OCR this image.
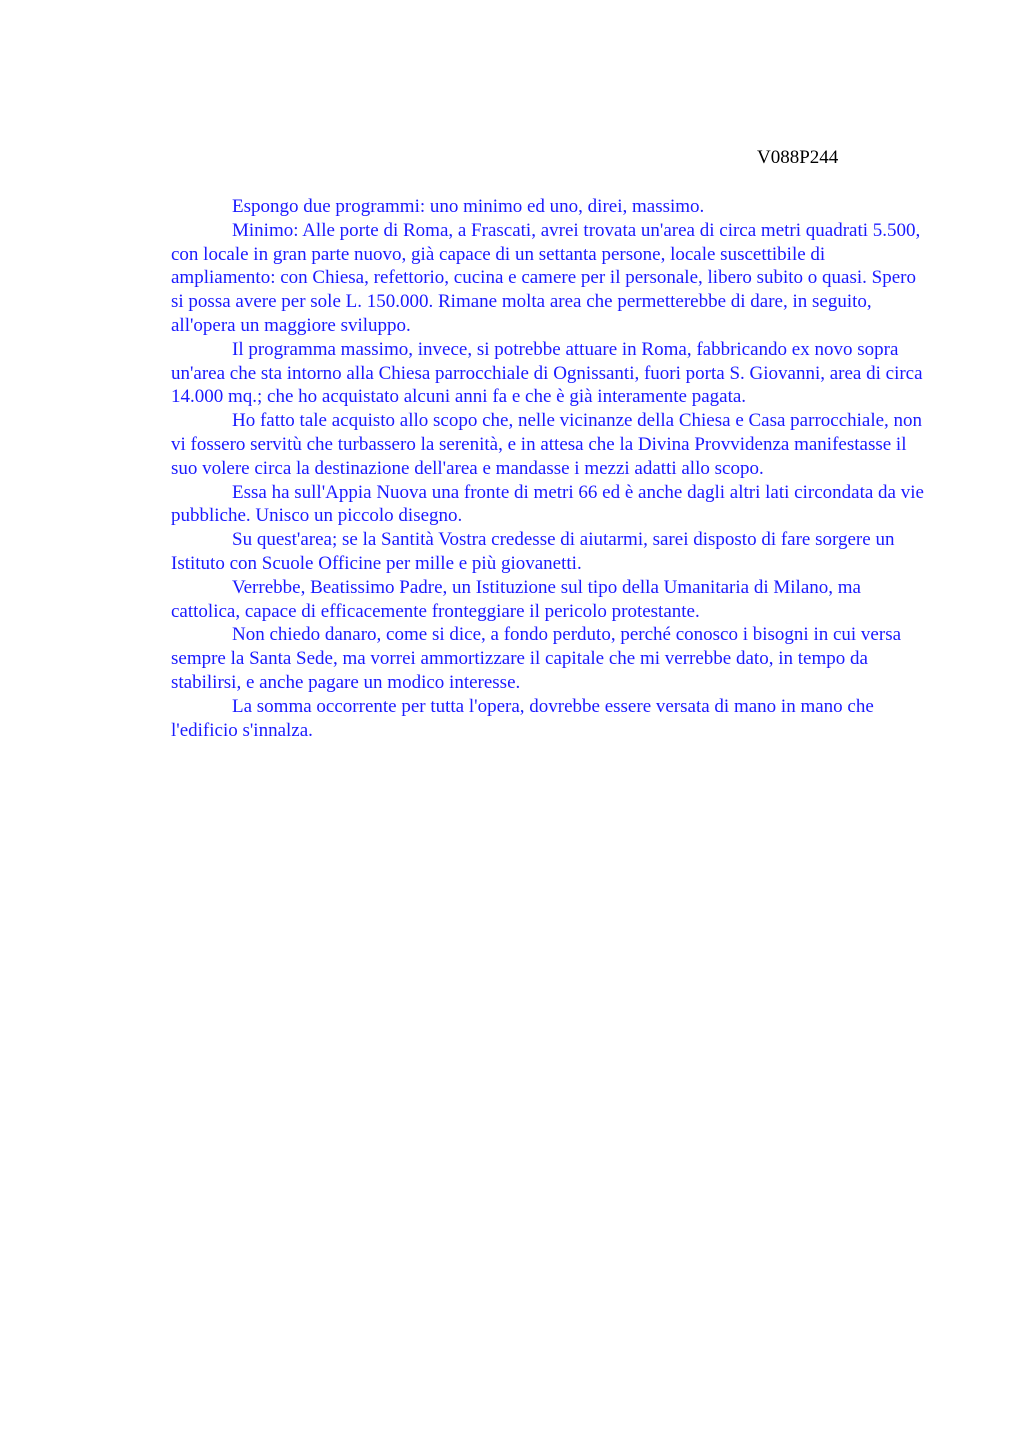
V088P244

Espongo due programmi: uno minimo ed uno, direi, massimo.

Minimo: Alle porte di Roma, a Frascati, avrei trovata un'area di circa metri quadrati 5.500, con locale in gran parte nuovo, già capace di un settanta persone, locale suscettibile di ampliamento: con Chiesa, refettorio, cucina e camere per il personale, libero subito o quasi. Spero si possa avere per sole L. 150.000. Rimane molta area che permetterebbe di dare, in seguito, all'opera un maggiore sviluppo.

Il programma massimo, invece, si potrebbe attuare in Roma, fabbricando ex novo sopra un'area che sta intorno alla Chiesa parrocchiale di Ognissanti, fuori porta S. Giovanni, area di circa 14.000 mq.; che ho acquistato alcuni anni fa e che è già interamente pagata.

Ho fatto tale acquisto allo scopo che, nelle vicinanze della Chiesa e Casa parrocchiale, non vi fossero servitù che turbassero la serenità, e in attesa che la Divina Provvidenza manifestasse il suo volere circa la destinazione dell'area e mandasse i mezzi adatti allo scopo.

Essa ha sull'Appia Nuova una fronte di metri 66 ed è anche dagli altri lati circondata da vie pubbliche. Unisco un piccolo disegno.

Su quest'area; se la Santità Vostra credesse di aiutarmi, sarei disposto di fare sorgere un Istituto con Scuole Officine per mille e più giovanetti.

Verrebbe, Beatissimo Padre, un Istituzione sul tipo della Umanitaria di Milano, ma cattolica, capace di efficacemente fronteggiare il pericolo protestante.

Non chiedo danaro, come si dice, a fondo perduto, perché conosco i bisogni in cui versa sempre la Santa Sede, ma vorrei ammortizzare il capitale che mi verrebbe dato, in tempo da stabilirsi, e anche pagare un modico interesse.

La somma occorrente per tutta l'opera, dovrebbe essere versata di mano in mano che l'edificio s'innalza.
